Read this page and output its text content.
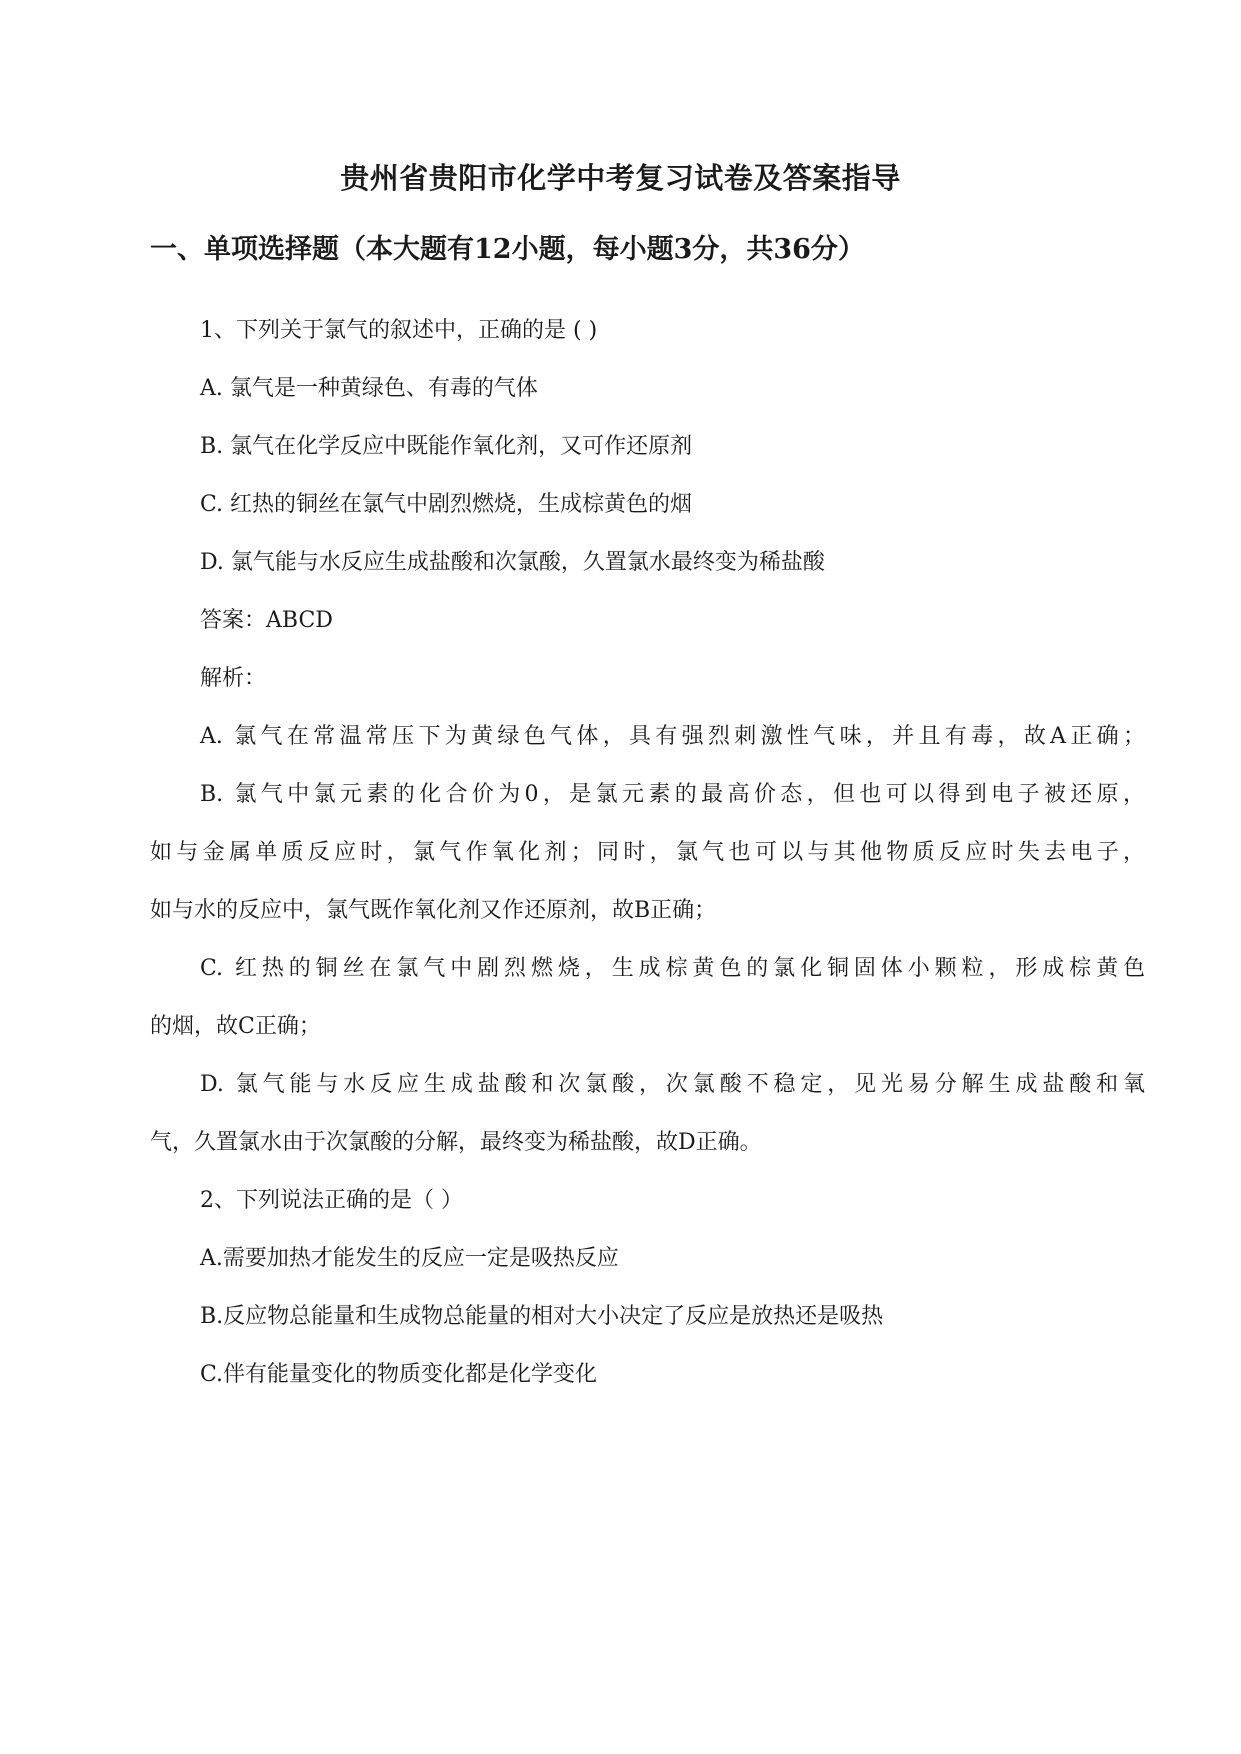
贵州省贵阳市化学中考复习试卷及答案指导
一、单项选择题（本大题有12小题，每小题3分，共36分）
1、下列关于氯气的叙述中，正确的是 ( )
A. 氯气是一种黄绿色、有毒的气体
B. 氯气在化学反应中既能作氧化剂，又可作还原剂
C. 红热的铜丝在氯气中剧烈燃烧，生成棕黄色的烟
D. 氯气能与水反应生成盐酸和次氯酸，久置氯水最终变为稀盐酸
答案：ABCD
解析：
A. 氯气在常温常压下为黄绿色气体，具有强烈刺激性气味，并且有毒，故A正确；
B. 氯气中氯元素的化合价为0，是氯元素的最高价态，但也可以得到电子被还原，
如与金属单质反应时，氯气作氧化剂；同时，氯气也可以与其他物质反应时失去电子，
如与水的反应中，氯气既作氧化剂又作还原剂，故B正确；
C. 红热的铜丝在氯气中剧烈燃烧，生成棕黄色的氯化铜固体小颗粒，形成棕黄色
的烟，故C正确；
D. 氯气能与水反应生成盐酸和次氯酸，次氯酸不稳定，见光易分解生成盐酸和氧
气，久置氯水由于次氯酸的分解，最终变为稀盐酸，故D正确。
2、下列说法正确的是（ ）
A.需要加热才能发生的反应一定是吸热反应
B.反应物总能量和生成物总能量的相对大小决定了反应是放热还是吸热
C.伴有能量变化的物质变化都是化学变化
